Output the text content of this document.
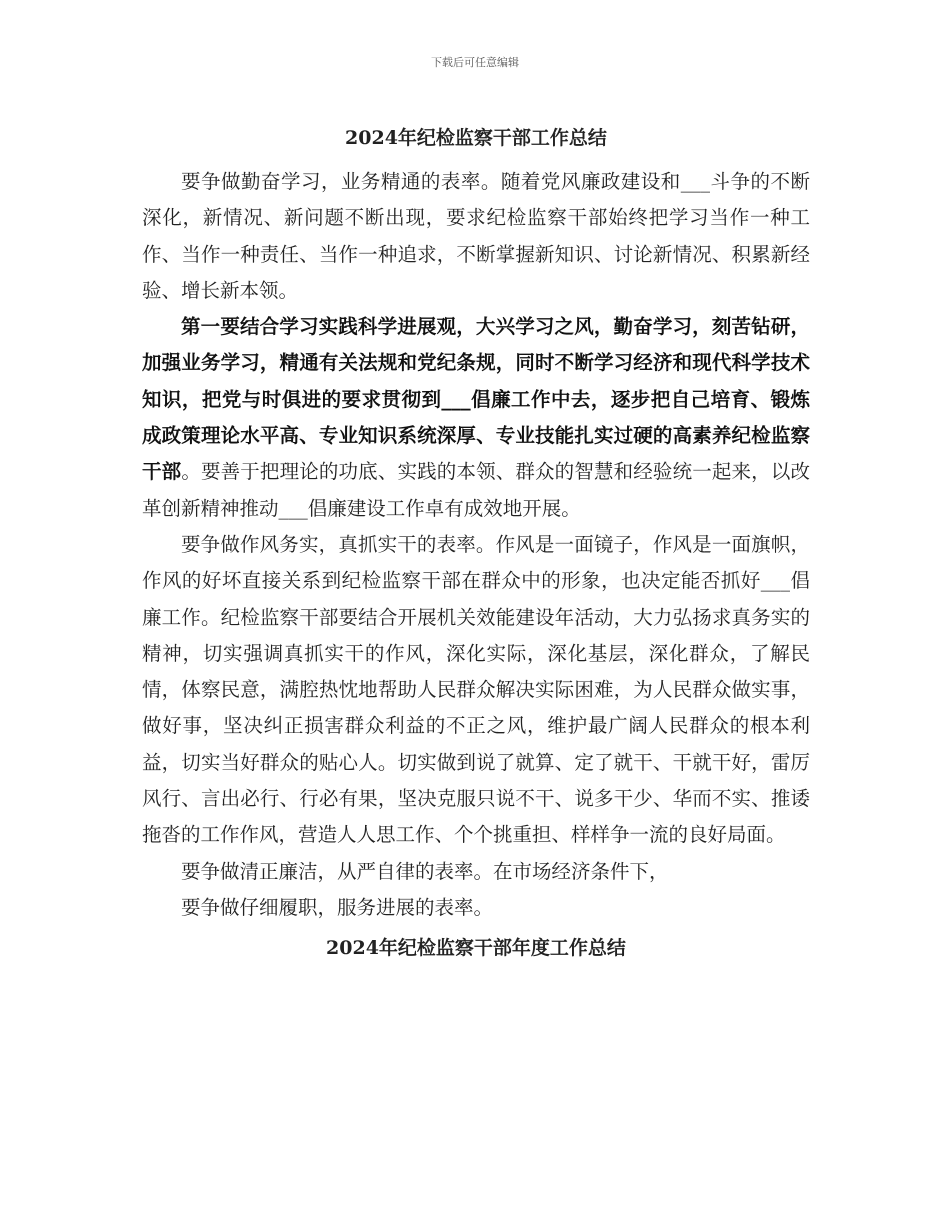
下载后可任意编辑
2024年纪检监察干部工作总结

要争做勤奋学习，业务精通的表率。随着党风廉政建设和___斗争的不断深化，新情况、新问题不断出现，要求纪检监察干部始终把学习当作一种工作、当作一种责任、当作一种追求，不断掌握新知识、讨论新情况、积累新经验、增长新本领。

第一要结合学习实践科学进展观，大兴学习之风，勤奋学习，刻苦钻研，加强业务学习，精通有关法规和党纪条规，同时不断学习经济和现代科学技术知识，把党与时俱进的要求贯彻到___倡廉工作中去，逐步把自己培育、锻炼成政策理论水平高、专业知识系统深厚、专业技能扎实过硬的高素养纪检监察干部。要善于把理论的功底、实践的本领、群众的智慧和经验统一起来，以改革创新精神推动___倡廉建设工作卓有成效地开展。

要争做作风务实，真抓实干的表率。作风是一面镜子，作风是一面旗帜，作风的好坏直接关系到纪检监察干部在群众中的形象，也决定能否抓好___倡廉工作。纪检监察干部要结合开展机关效能建设年活动，大力弘扬求真务实的精神，切实强调真抓实干的作风，深化实际，深化基层，深化群众，了解民情，体察民意，满腔热忱地帮助人民群众解决实际困难，为人民群众做实事，做好事，坚决纠正损害群众利益的不正之风，维护最广阔人民群众的根本利益，切实当好群众的贴心人。切实做到说了就算、定了就干、干就干好，雷厉风行、言出必行、行必有果，坚决克服只说不干、说多干少、华而不实、推诿拖沓的工作作风，营造人人思工作、个个挑重担、样样争一流的良好局面。

要争做清正廉洁，从严自律的表率。在市场经济条件下，

要争做仔细履职，服务进展的表率。

2024年纪检监察干部年度工作总结
